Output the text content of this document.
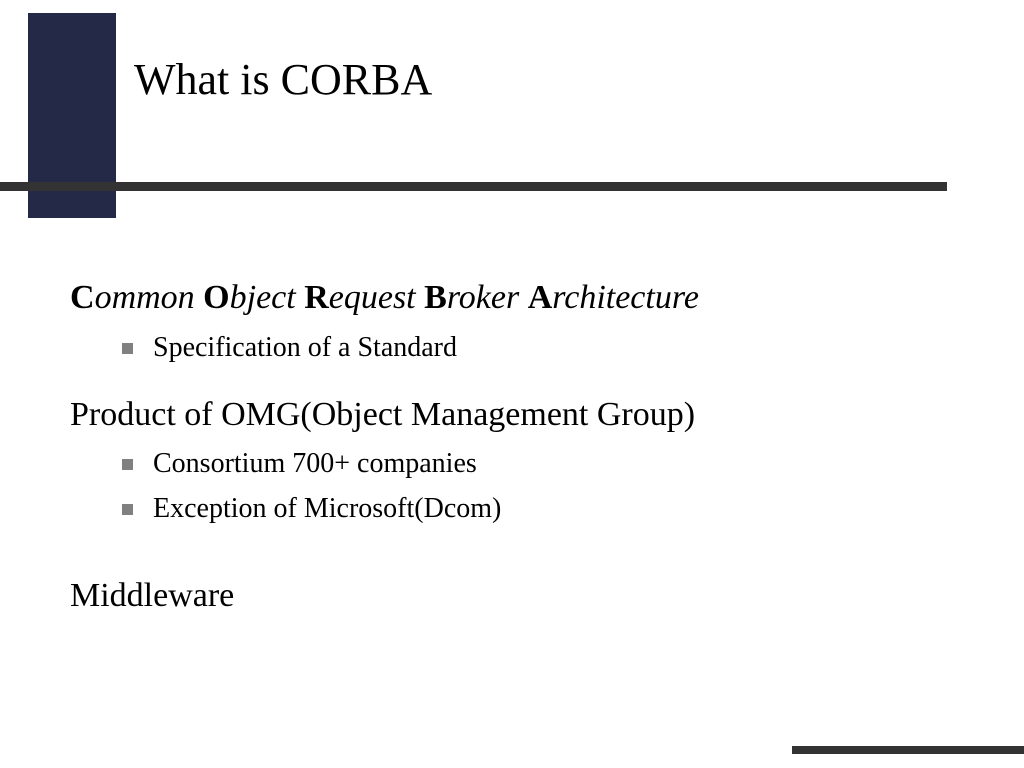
What is CORBA
Common Object Request Broker Architecture
Specification of a Standard
Product of OMG(Object Management Group)
Consortium 700+ companies
Exception of Microsoft(Dcom)
Middleware
